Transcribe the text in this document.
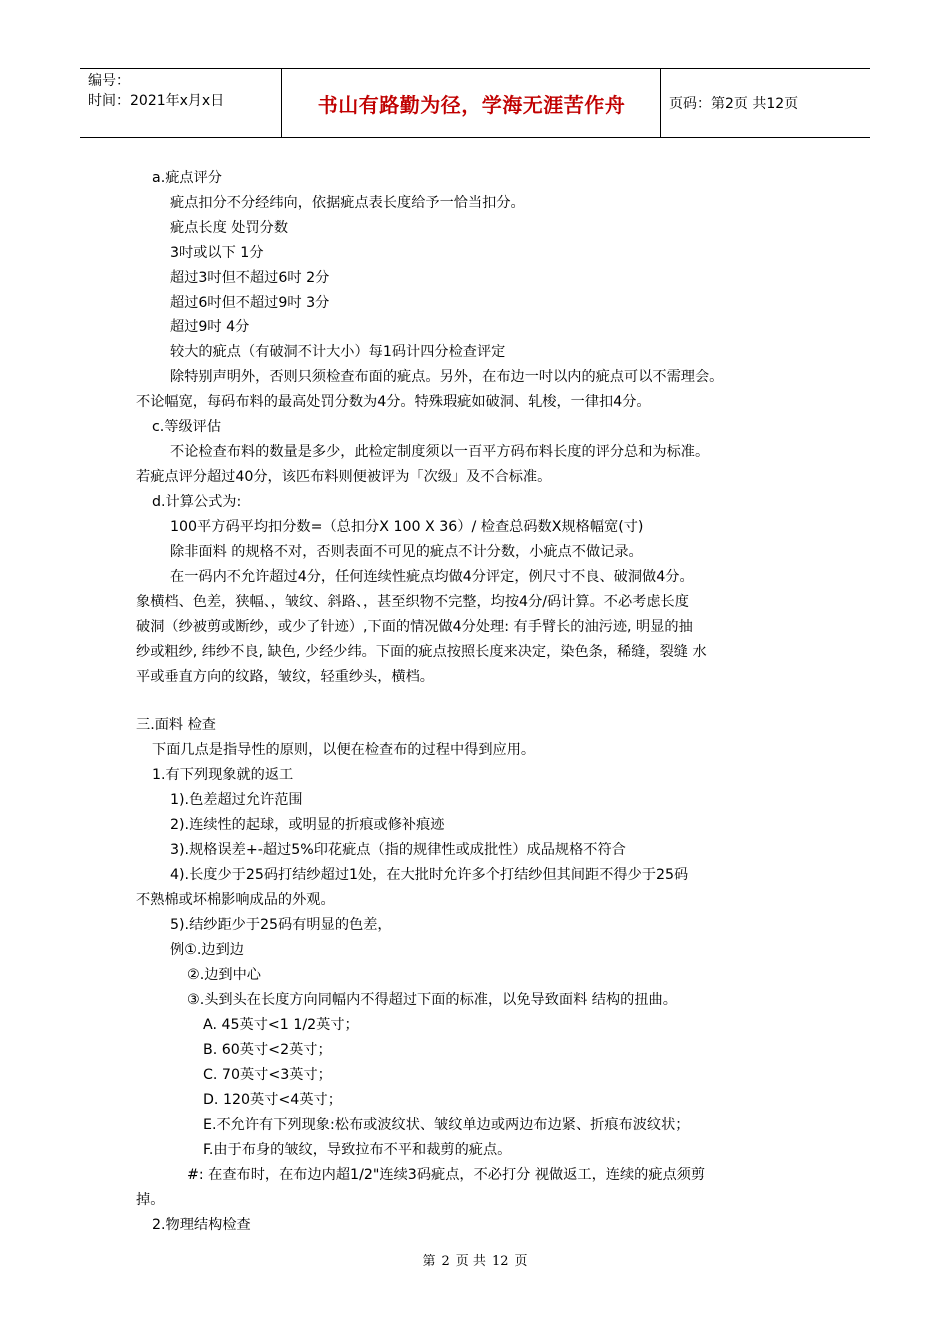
编号：
时间：2021年x月x日	书山有路勤为径，学海无涯苦作舟	页码：第2页 共12页
a.疵点评分
疵点扣分不分经纬向，依据疵点表长度给予一恰当扣分。
疵点长度 处罚分数
3吋或以下 1分
超过3吋但不超过6吋 2分
超过6吋但不超过9吋 3分
超过9吋 4分
较大的疵点（有破洞不计大小）每1码计四分检查评定
除特别声明外，否则只须检查布面的疵点。另外，在布边一吋以内的疵点可以不需理会。
不论幅宽，每码布料的最高处罚分数为4分。特殊瑕疵如破洞、轧梭，一律扣4分。
c.等级评估
不论检查布料的数量是多少，此检定制度须以一百平方码布料长度的评分总和为标准。
若疵点评分超过40分，该匹布料则便被评为「次级」及不合标准。
d.计算公式为:
100平方码平均扣分数=（总扣分X 100 X 36）/ 检查总码数X规格幅宽(寸)
除非面料 的规格不对，否则表面不可见的疵点不计分数，小疵点不做记录。
在一码内不允许超过4分，任何连续性疵点均做4分评定，例尺寸不良、破洞做4分。
象横档、色差，狭幅、，皱纹、斜路、，甚至织物不完整，均按4分/码计算。不必考虑长度
破洞（纱被剪或断纱，或少了针迹）,下面的情况做4分处理: 有手臂长的油污迹, 明显的抽
纱或粗纱, 纬纱不良, 缺色, 少经少纬。下面的疵点按照长度来决定，染色条，稀缝，裂缝 水
平或垂直方向的纹路，皱纹，轻重纱头，横档。
三.面料 检查
下面几点是指导性的原则，以便在检查布的过程中得到应用。
1.有下列现象就的返工
1).色差超过允许范围
2).连续性的起球，或明显的折痕或修补痕迹
3).规格误差+-超过5%印花疵点（指的规律性或成批性）成品规格不符合
4).长度少于25码打结纱超过1处，在大批时允许多个打结纱但其间距不得少于25码
不熟棉或坏棉影响成品的外观。
5).结纱距少于25码有明显的色差，
例①.边到边
②.边到中心
③.头到头在长度方向同幅内不得超过下面的标准，以免导致面料 结构的扭曲。
A. 45英寸<1 1/2英寸；
B. 60英寸<2英寸；
C. 70英寸<3英寸；
D. 120英寸<4英寸；
E.不允许有下列现象:松布或波纹状、皱纹单边或两边布边紧、折痕布波纹状；
F.由于布身的皱纹，导致拉布不平和裁剪的疵点。
#: 在查布时，在布边内超1/2"连续3码疵点，不必打分 视做返工，连续的疵点须剪
掉。
2.物理结构检查
第 2 页 共 12 页
